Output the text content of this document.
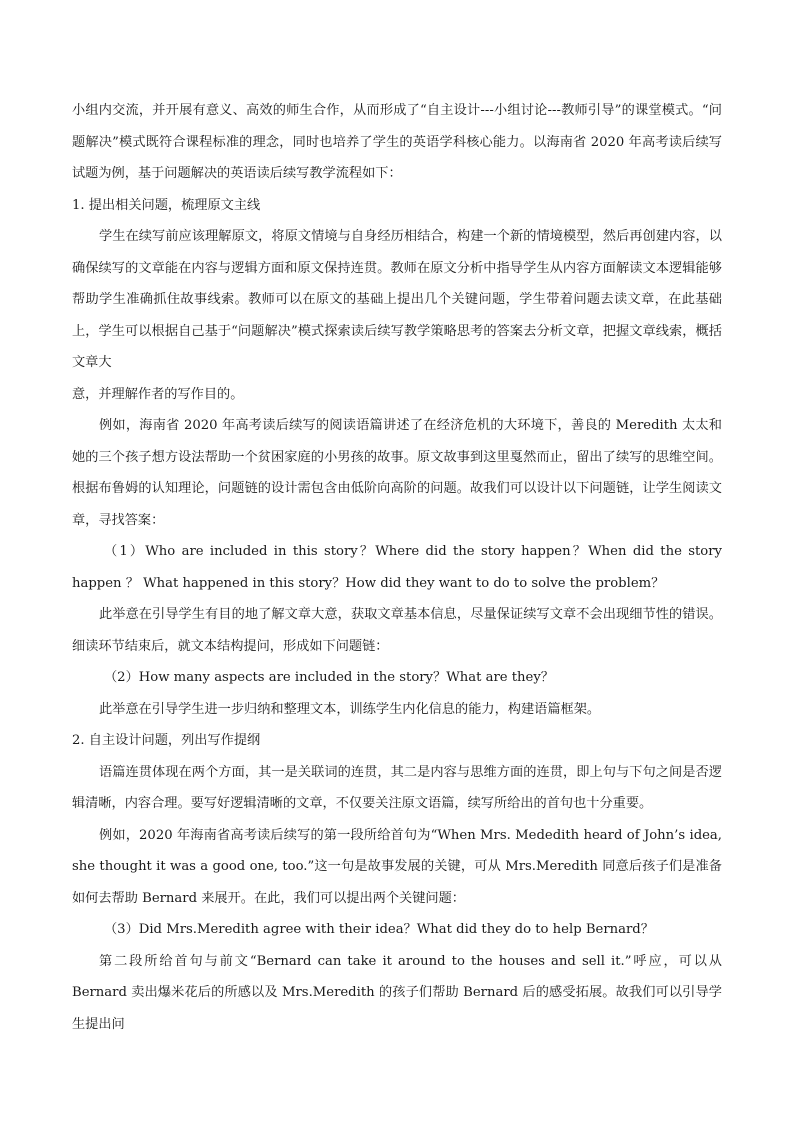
小组内交流，并开展有意义、高效的师生合作，从而形成了“自主设计---小组讨论---教师引导”的课堂模式。“问题解决”模式既符合课程标准的理念，同时也培养了学生的英语学科核心能力。以海南省 2020 年高考读后续写试题为例，基于问题解决的英语读后续写教学流程如下：

1. 提出相关问题，梳理原文主线

学生在续写前应该理解原文，将原文情境与自身经历相结合，构建一个新的情境模型，然后再创建内容，以确保续写的文章能在内容与逻辑方面和原文保持连贯。教师在原文分析中指导学生从内容方面解读文本逻辑能够帮助学生准确抓住故事线索。教师可以在原文的基础上提出几个关键问题，学生带着问题去读文章，在此基础上，学生可以根据自己基于“问题解决”模式探索读后续写教学策略思考的答案去分析文章，把握文章线索，概括文章大

意，并理解作者的写作目的。

例如，海南省 2020 年高考读后续写的阅读语篇讲述了在经济危机的大环境下，善良的 Meredith 太太和她的三个孩子想方设法帮助一个贫困家庭的小男孩的故事。原文故事到这里戛然而止，留出了续写的思维空间。根据布鲁姆的认知理论，问题链的设计需包含由低阶向高阶的问题。故我们可以设计以下问题链，让学生阅读文章，寻找答案：

（1）Who are included in this story？Where did the story happen？When did the story happen ？ What happened in this story？How did they want to do to solve the problem？

此举意在引导学生有目的地了解文章大意，获取文章基本信息，尽量保证续写文章不会出现细节性的错误。细读环节结束后，就文本结构提问，形成如下问题链：

（2）How many aspects are included in the story？What are they？

此举意在引导学生进一步归纳和整理文本，训练学生内化信息的能力，构建语篇框架。

2. 自主设计问题，列出写作提纲

语篇连贯体现在两个方面，其一是关联词的连贯，其二是内容与思维方面的连贯，即上句与下句之间是否逻辑清晰，内容合理。要写好逻辑清晰的文章，不仅要关注原文语篇，续写所给出的首句也十分重要。

例如，2020 年海南省高考读后续写的第一段所给首句为“When Mrs. Mededith heard of John’s idea, she thought it was a good one, too.”这一句是故事发展的关键，可从 Mrs.Meredith 同意后孩子们是准备如何去帮助 Bernard 来展开。在此，我们可以提出两个关键问题：

（3）Did Mrs.Meredith agree with their idea？What did they do to help Bernard？

第二段所给首句与前文“Bernard can take it around to the houses and sell it.”呼应，可以从 Bernard 卖出爆米花后的所感以及 Mrs.Meredith 的孩子们帮助 Bernard 后的感受拓展。故我们可以引导学生提出问
